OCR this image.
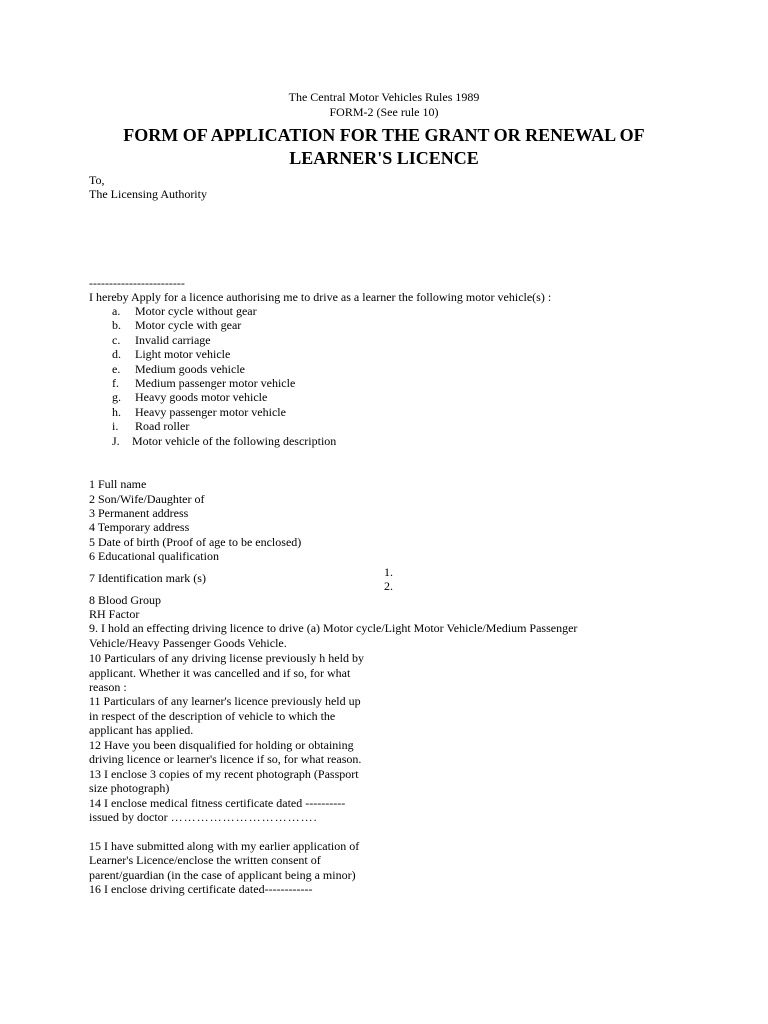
The Central Motor Vehicles Rules 1989
FORM-2 (See rule 10)
FORM OF APPLICATION FOR THE GRANT OR RENEWAL OF
LEARNER'S LICENCE
To,
The Licensing Authority
------------------------
I hereby Apply for a licence authorising me to drive as a learner the following motor vehicle(s) :
a. Motor cycle without gear
b. Motor cycle with gear
c. Invalid carriage
d. Light motor vehicle
e. Medium goods vehicle
f. Medium passenger motor vehicle
g. Heavy goods motor vehicle
h. Heavy passenger motor vehicle
i. Road roller
J. Motor vehicle of the following description
1 Full name
2 Son/Wife/Daughter of
3 Permanent address
4 Temporary address
5 Date of birth (Proof of age to be enclosed)
6 Educational qualification
7 Identification mark (s)	1.
2.
8 Blood Group
RH Factor
9. I hold an effecting driving licence to drive (a) Motor cycle/Light Motor Vehicle/Medium Passenger
Vehicle/Heavy Passenger Goods Vehicle.
10 Particulars of any driving license previously h held by
applicant. Whether it was cancelled and if so, for what
reason :
11 Particulars of any learner's licence previously held up
in respect of the description of vehicle to which the
applicant has applied.
12 Have you been disqualified for holding or obtaining
driving licence or learner's licence if so, for what reason.
13 I enclose 3 copies of my recent photograph (Passport
size photograph)
14 I enclose medical fitness certificate dated ----------
issued by doctor …………………………….
15 I have submitted along with my earlier application of
Learner's Licence/enclose the written consent of
parent/guardian (in the case of applicant being a minor)
16 I enclose driving certificate dated------------
